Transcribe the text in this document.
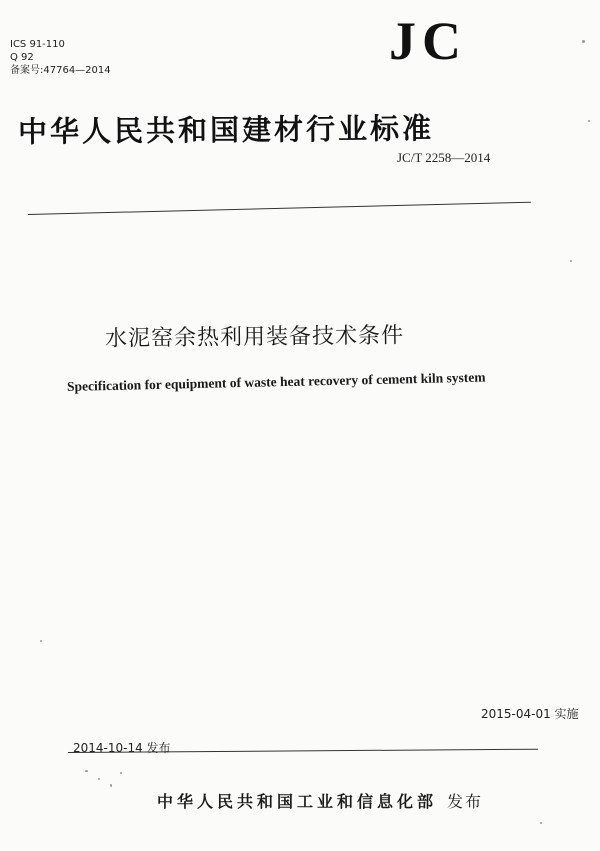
ICS 91-110
Q 92
备案号:47764—2014	JC
中华人民共和国建材行业标准
JC/T 2258—2014
水泥窑余热利用装备技术条件
Specification for equipment of waste heat recovery of cement kiln system
2015-04-01 实施
2014-10-14 发布
中华人民共和国工业和信息化部 发布
